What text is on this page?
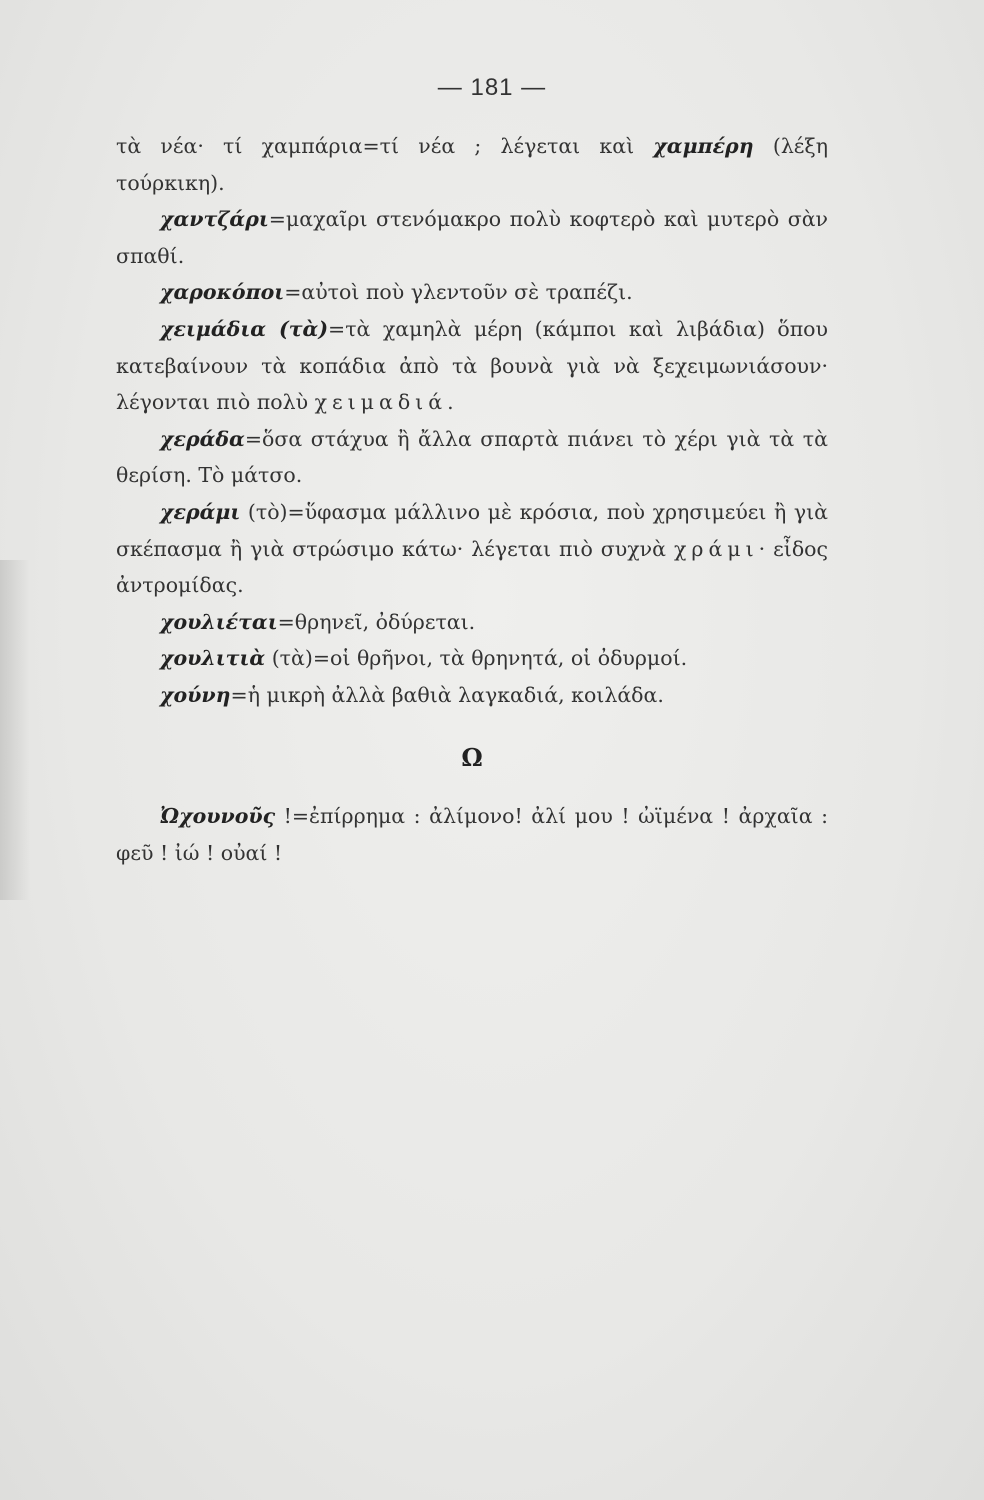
— 181 —

τὰ νέα· τί χαμπάρια=τί νέα ; λέγεται καὶ χαμπέρη (λέξη τούρκικη).

χαντζάρι=μαχαῖρι στενόμακρο πολὺ κοφτερὸ καὶ μυτερὸ σὰν σπαθί.

χαροκόποι=αὐτοὶ ποὺ γλεντοῦν σὲ τραπέζι.

χειμάδια (τὰ)=τὰ χαμηλὰ μέρη (κάμποι καὶ λιβάδια) ὅπου κατεβαίνουν τὰ κοπάδια ἀπὸ τὰ βουνὰ γιὰ νὰ ξεχειμωνιάσουν· λέγονται πιὸ πολὺ χειμαδιά.

χεράδα=ὅσα στάχυα ἢ ἄλλα σπαρτὰ πιάνει τὸ χέρι γιὰ τὰ τὰ θερίση. Τὸ μάτσο.

χεράμι (τὸ)=ὕφασμα μάλλινο μὲ κρόσια, ποὺ χρησιμεύει ἢ γιὰ σκέπασμα ἢ γιὰ στρώσιμο κάτω· λέγεται πιὸ συχνὰ χράμι· εἶδος ἀντρομίδας.

χουλιέται=θρηνεῖ, ὀδύρεται.

χουλιτιὰ (τὰ)=οἱ θρῆνοι, τὰ θρηνητά, οἱ ὀδυρμοί.

χούνη=ἡ μικρὴ ἀλλὰ βαθιὰ λαγκαδιά, κοιλάδα.

Ω

Ὠχουνοῦς !=ἐπίρρημα : ἀλίμονο! ἀλί μου ! ὠϊμένα ! ἀρχαῖα : φεῦ ! ἰώ ! οὐαί !
